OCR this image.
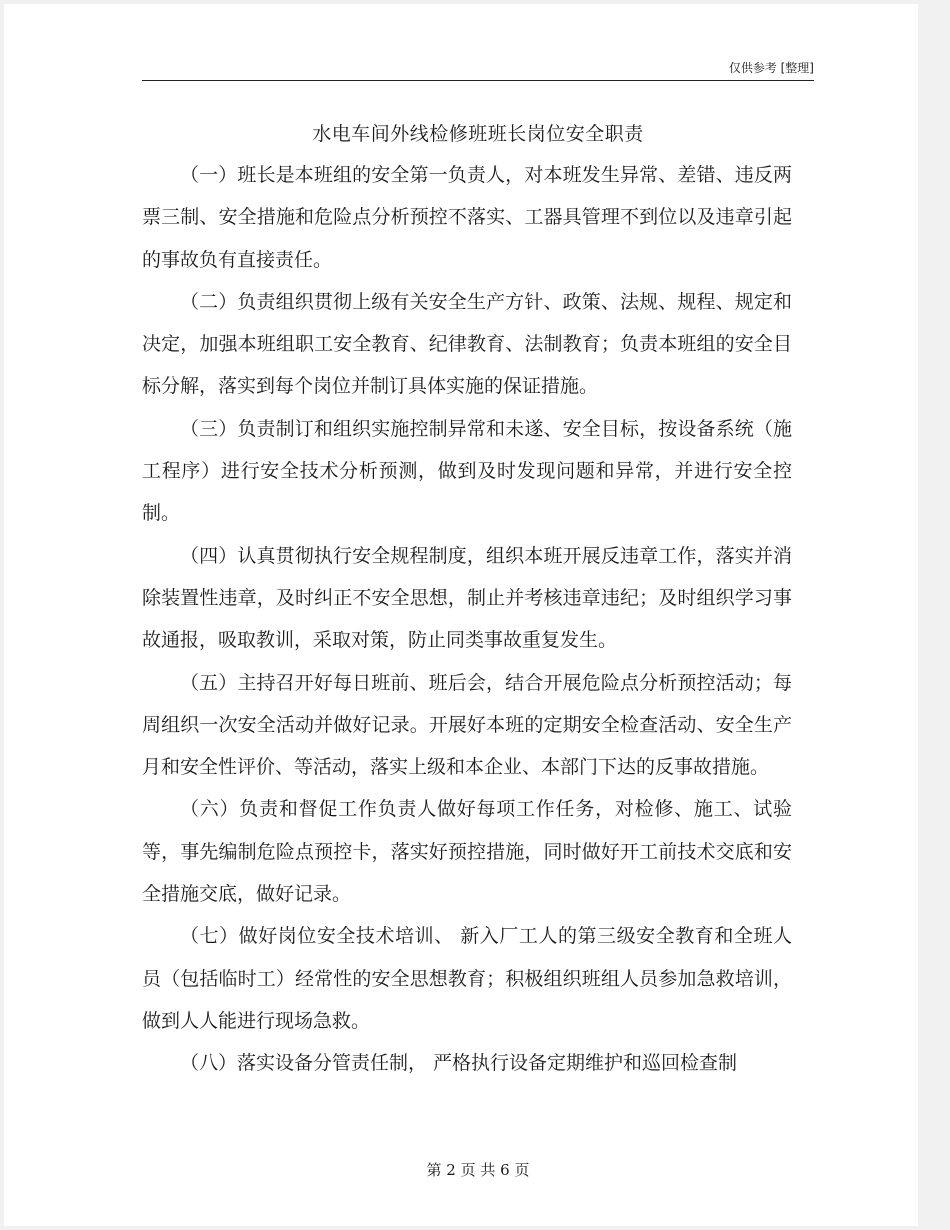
仅供参考 [整理]
水电车间外线检修班班长岗位安全职责

（一）班长是本班组的安全第一负责人，对本班发生异常、差错、违反两票三制、安全措施和危险点分析预控不落实、工器具管理不到位以及违章引起的事故负有直接责任。

（二）负责组织贯彻上级有关安全生产方针、政策、法规、规程、规定和决定，加强本班组职工安全教育、纪律教育、法制教育；负责本班组的安全目标分解，落实到每个岗位并制订具体实施的保证措施。

（三）负责制订和组织实施控制异常和未遂、安全目标，按设备系统（施工程序）进行安全技术分析预测，做到及时发现问题和异常，并进行安全控制。

（四）认真贯彻执行安全规程制度，组织本班开展反违章工作，落实并消除装置性违章，及时纠正不安全思想，制止并考核违章违纪；及时组织学习事故通报，吸取教训，采取对策，防止同类事故重复发生。

（五）主持召开好每日班前、班后会，结合开展危险点分析预控活动；每周组织一次安全活动并做好记录。开展好本班的定期安全检查活动、安全生产月和安全性评价、等活动，落实上级和本企业、本部门下达的反事故措施。

（六）负责和督促工作负责人做好每项工作任务，对检修、施工、试验等，事先编制危险点预控卡，落实好预控措施，同时做好开工前技术交底和安全措施交底，做好记录。

（七）做好岗位安全技术培训、 新入厂工人的第三级安全教育和全班人员（包括临时工）经常性的安全思想教育；积极组织班组人员参加急救培训，做到人人能进行现场急救。

（八）落实设备分管责任制， 严格执行设备定期维护和巡回检查制

第 2 页 共 6 页
